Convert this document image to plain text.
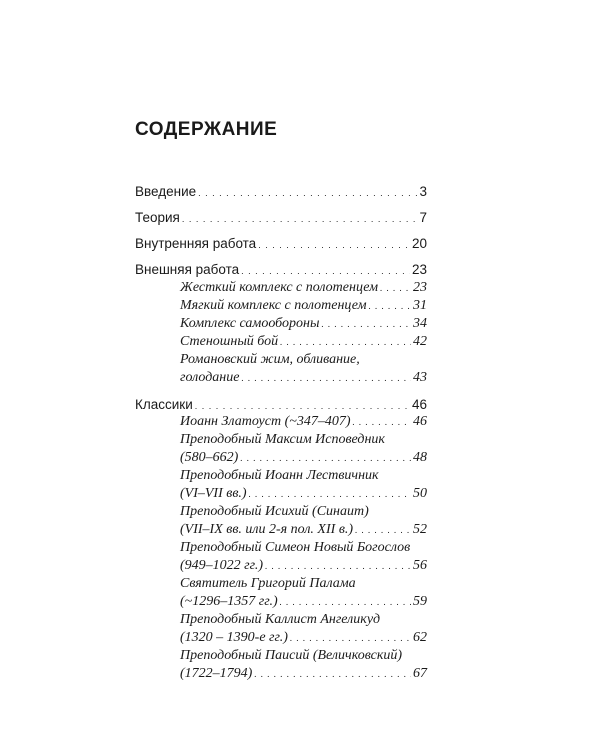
СОДЕРЖАНИЕ
Введение . . .	3
Теория . . .	7
Внутренняя работа . . .	20
Внешняя работа . . .	23
Жесткий комплекс с полотенцем . . . 23
Мягкий комплекс с полотенцем . . .	31
Комплекс самообороны . . .	34
Стеношный бой . . .	42
Романовский жим, обливание,
голодание . . .	43
Классики . . .	46
Иоанн Златоуст (~347–407) . . .	46
Преподобный Максим Исповедник
(580–662) . . .	48
Преподобный Иоанн Лествичник
(VI–VII вв.) . . .	50
Преподобный Исихий (Синаит)
(VII–IX вв. или 2-я пол. XII в.) . . .	52
Преподобный Симеон Новый Богослов
(949–1022 гг.) . . .	56
Святитель Григорий Палама
(~1296–1357 гг.) . . .	59
Преподобный Каллист Ангеликуд
(1320 – 1390-е гг.) . . .	62
Преподобный Паисий (Величковский)
(1722–1794) . . .	67
